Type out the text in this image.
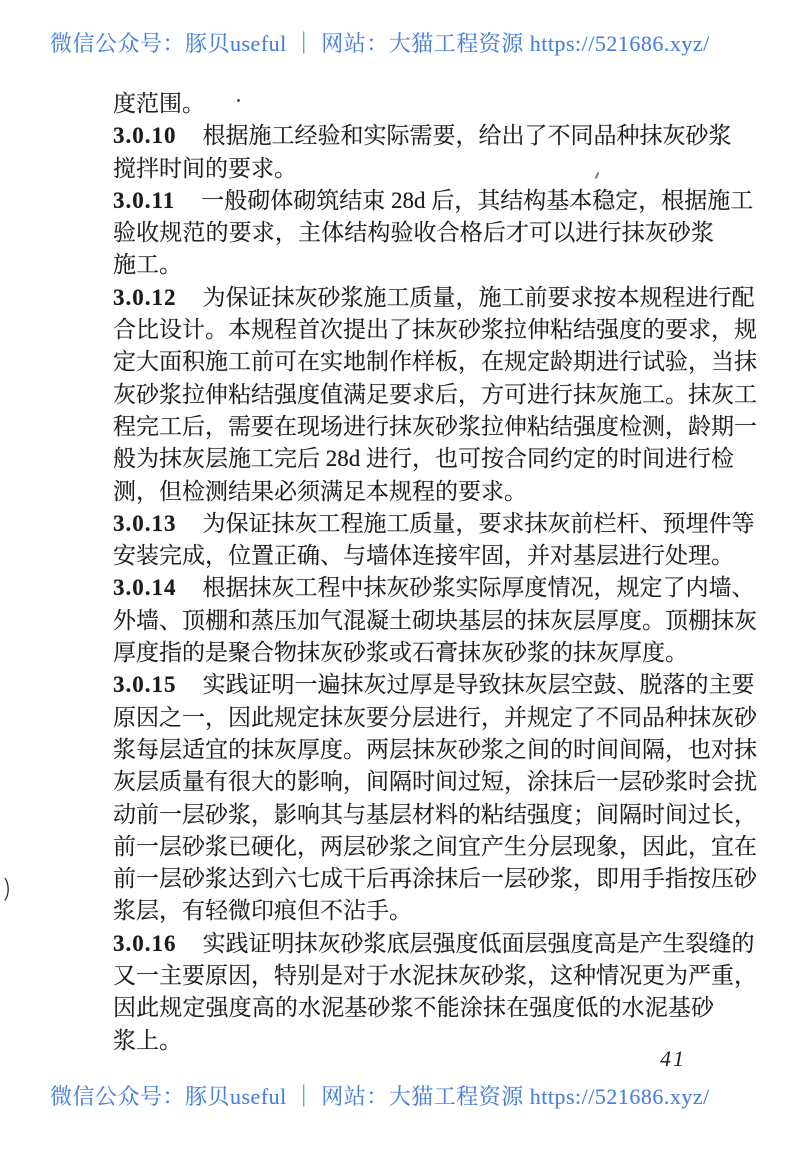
微信公众号：豚贝useful ｜ 网站：大猫工程资源 https://521686.xyz/
度范围。
3.0.10 根据施工经验和实际需要，给出了不同品种抹灰砂浆
搅拌时间的要求。
3.0.11 一般砌体砌筑结束 28d 后，其结构基本稳定，根据施工
验收规范的要求，主体结构验收合格后才可以进行抹灰砂浆
施工。
3.0.12 为保证抹灰砂浆施工质量，施工前要求按本规程进行配
合比设计。本规程首次提出了抹灰砂浆拉伸粘结强度的要求，规
定大面积施工前可在实地制作样板，在规定龄期进行试验，当抹
灰砂浆拉伸粘结强度值满足要求后，方可进行抹灰施工。抹灰工
程完工后，需要在现场进行抹灰砂浆拉伸粘结强度检测，龄期一
般为抹灰层施工完后 28d 进行，也可按合同约定的时间进行检
测，但检测结果必须满足本规程的要求。
3.0.13 为保证抹灰工程施工质量，要求抹灰前栏杆、预埋件等
安装完成，位置正确、与墙体连接牢固，并对基层进行处理。
3.0.14 根据抹灰工程中抹灰砂浆实际厚度情况，规定了内墙、
外墙、顶棚和蒸压加气混凝土砌块基层的抹灰层厚度。顶棚抹灰
厚度指的是聚合物抹灰砂浆或石膏抹灰砂浆的抹灰厚度。
3.0.15 实践证明一遍抹灰过厚是导致抹灰层空鼓、脱落的主要
原因之一，因此规定抹灰要分层进行，并规定了不同品种抹灰砂
浆每层适宜的抹灰厚度。两层抹灰砂浆之间的时间间隔，也对抹
灰层质量有很大的影响，间隔时间过短，涂抹后一层砂浆时会扰
动前一层砂浆，影响其与基层材料的粘结强度；间隔时间过长，
前一层砂浆已硬化，两层砂浆之间宜产生分层现象，因此，宜在
前一层砂浆达到六七成干后再涂抹后一层砂浆，即用手指按压砂
浆层，有轻微印痕但不沾手。
3.0.16 实践证明抹灰砂浆底层强度低面层强度高是产生裂缝的
又一主要原因，特别是对于水泥抹灰砂浆，这种情况更为严重，
因此规定强度高的水泥基砂浆不能涂抹在强度低的水泥基砂
浆上。
）
41
微信公众号：豚贝useful ｜ 网站：大猫工程资源 https://521686.xyz/
